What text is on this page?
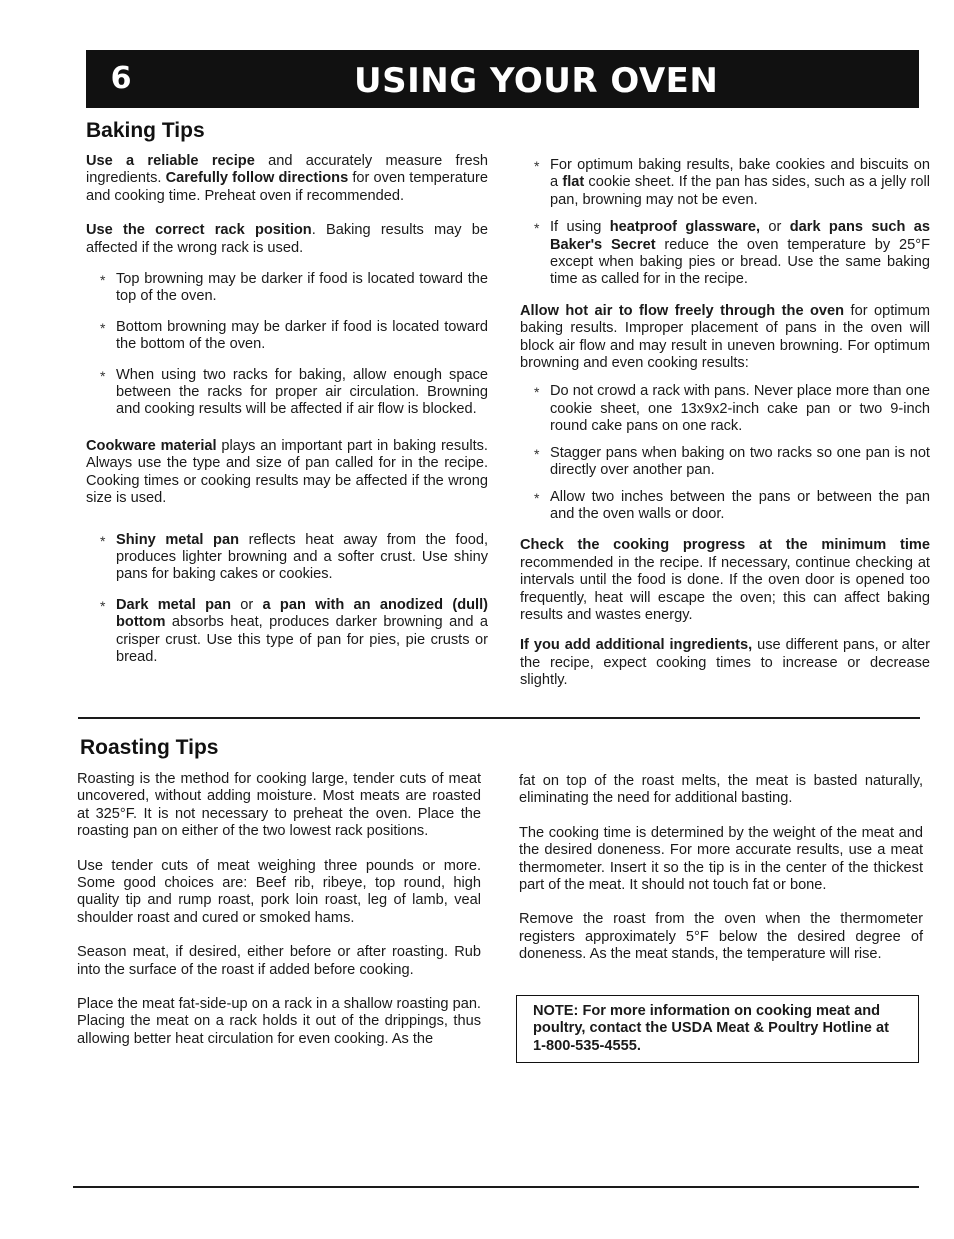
6	USING YOUR OVEN
Baking Tips

Use a reliable recipe and accurately measure fresh ingredients. Carefully follow directions for oven temperature and cooking time. Preheat oven if recommended.

Use the correct rack position. Baking results may be affected if the wrong rack is used.

* Top browning may be darker if food is located toward the top of the oven.

* Bottom browning may be darker if food is located toward the bottom of the oven.

* When using two racks for baking, allow enough space between the racks for proper air circulation. Browning and cooking results will be affected if air flow is blocked.

Cookware material plays an important part in baking results. Always use the type and size of pan called for in the recipe. Cooking times or cooking results may be affected if the wrong size is used.

* Shiny metal pan reflects heat away from the food, produces lighter browning and a softer crust. Use shiny pans for baking cakes or cookies.

* Dark metal pan or a pan with an anodized (dull) bottom absorbs heat, produces darker browning and a crisper crust. Use this type of pan for pies, pie crusts or bread.

* For optimum baking results, bake cookies and biscuits on a flat cookie sheet. If the pan has sides, such as a jelly roll pan, browning may not be even.

* If using heatproof glassware, or dark pans such as Baker's Secret reduce the oven temperature by 25°F except when baking pies or bread. Use the same baking time as called for in the recipe.

Allow hot air to flow freely through the oven for optimum baking results. Improper placement of pans in the oven will block air flow and may result in uneven browning. For optimum browning and even cooking results:

* Do not crowd a rack with pans. Never place more than one cookie sheet, one 13x9x2-inch cake pan or two 9-inch round cake pans on one rack.

* Stagger pans when baking on two racks so one pan is not directly over another pan.

* Allow two inches between the pans or between the pan and the oven walls or door.

Check the cooking progress at the minimum time recommended in the recipe. If necessary, continue checking at intervals until the food is done. If the oven door is opened too frequently, heat will escape the oven; this can affect baking results and wastes energy.

If you add additional ingredients, use different pans, or alter the recipe, expect cooking times to increase or decrease slightly.

Roasting Tips

Roasting is the method for cooking large, tender cuts of meat uncovered, without adding moisture. Most meats are roasted at 325°F. It is not necessary to preheat the oven. Place the roasting pan on either of the two lowest rack positions.

Use tender cuts of meat weighing three pounds or more. Some good choices are: Beef rib, ribeye, top round, high quality tip and rump roast, pork loin roast, leg of lamb, veal shoulder roast and cured or smoked hams.

Season meat, if desired, either before or after roasting. Rub into the surface of the roast if added before cooking.

Place the meat fat-side-up on a rack in a shallow roasting pan. Placing the meat on a rack holds it out of the drippings, thus allowing better heat circulation for even cooking. As the

fat on top of the roast melts, the meat is basted naturally, eliminating the need for additional basting.

The cooking time is determined by the weight of the meat and the desired doneness. For more accurate results, use a meat thermometer. Insert it so the tip is in the center of the thickest part of the meat. It should not touch fat or bone.

Remove the roast from the oven when the thermometer registers approximately 5°F below the desired degree of doneness. As the meat stands, the temperature will rise.

NOTE: For more information on cooking meat and poultry, contact the USDA Meat & Poultry Hotline at 1-800-535-4555.
